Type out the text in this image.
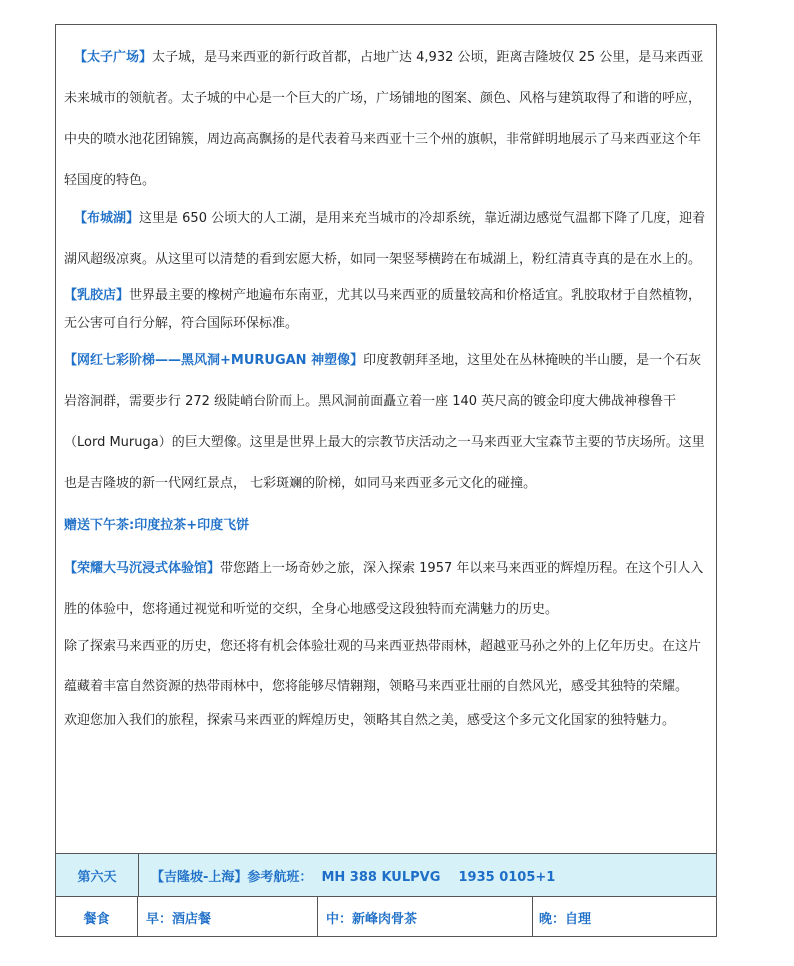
【太子广场】太子城，是马来西亚的新行政首都，占地广达 4,932 公顷，距离吉隆坡仅 25 公里，是马来西亚未来城市的领航者。太子城的中心是一个巨大的广场，广场铺地的图案、颜色、风格与建筑取得了和谐的呼应，中央的喷水池花团锦簇，周边高高飘扬的是代表着马来西亚十三个州的旗帜，非常鲜明地展示了马来西亚这个年轻国度的特色。

【布城湖】这里是 650 公顷大的人工湖，是用来充当城市的冷却系统，靠近湖边感觉气温都下降了几度，迎着湖风超级凉爽。从这里可以清楚的看到宏愿大桥，如同一架竖琴横跨在布城湖上，粉红清真寺真的是在水上的。

【乳胶店】世界最主要的橡树产地遍布东南亚，尤其以马来西亚的质量较高和价格适宜。乳胶取材于自然植物，无公害可自行分解，符合国际环保标准。

【网红七彩阶梯——黑风洞+MURUGAN 神塑像】印度教朝拜圣地，这里处在丛林掩映的半山腰，是一个石灰岩溶洞群，需要步行 272 级陡峭台阶而上。黑风洞前面矗立着一座 140 英尺高的镀金印度大佛战神穆鲁干（Lord Muruga）的巨大塑像。这里是世界上最大的宗教节庆活动之一马来西亚大宝森节主要的节庆场所。这里也是吉隆坡的新一代网红景点， 七彩斑斓的阶梯，如同马来西亚多元文化的碰撞。

赠送下午茶:印度拉茶+印度飞饼

【荣耀大马沉浸式体验馆】带您踏上一场奇妙之旅，深入探索 1957 年以来马来西亚的辉煌历程。在这个引人入胜的体验中，您将通过视觉和听觉的交织，全身心地感受这段独特而充满魅力的历史。

除了探索马来西亚的历史，您还将有机会体验壮观的马来西亚热带雨林，超越亚马孙之外的上亿年历史。在这片蕴藏着丰富自然资源的热带雨林中，您将能够尽情翱翔，领略马来西亚壮丽的自然风光，感受其独特的荣耀。

欢迎您加入我们的旅程，探索马来西亚的辉煌历史，领略其自然之美，感受这个多元文化国家的独特魅力。

第六天	【吉隆坡-上海】参考航班：  MH 388 KULPVG    1935 0105+1
餐食	早：酒店餐	中：新峰肉骨茶	晚：自理
